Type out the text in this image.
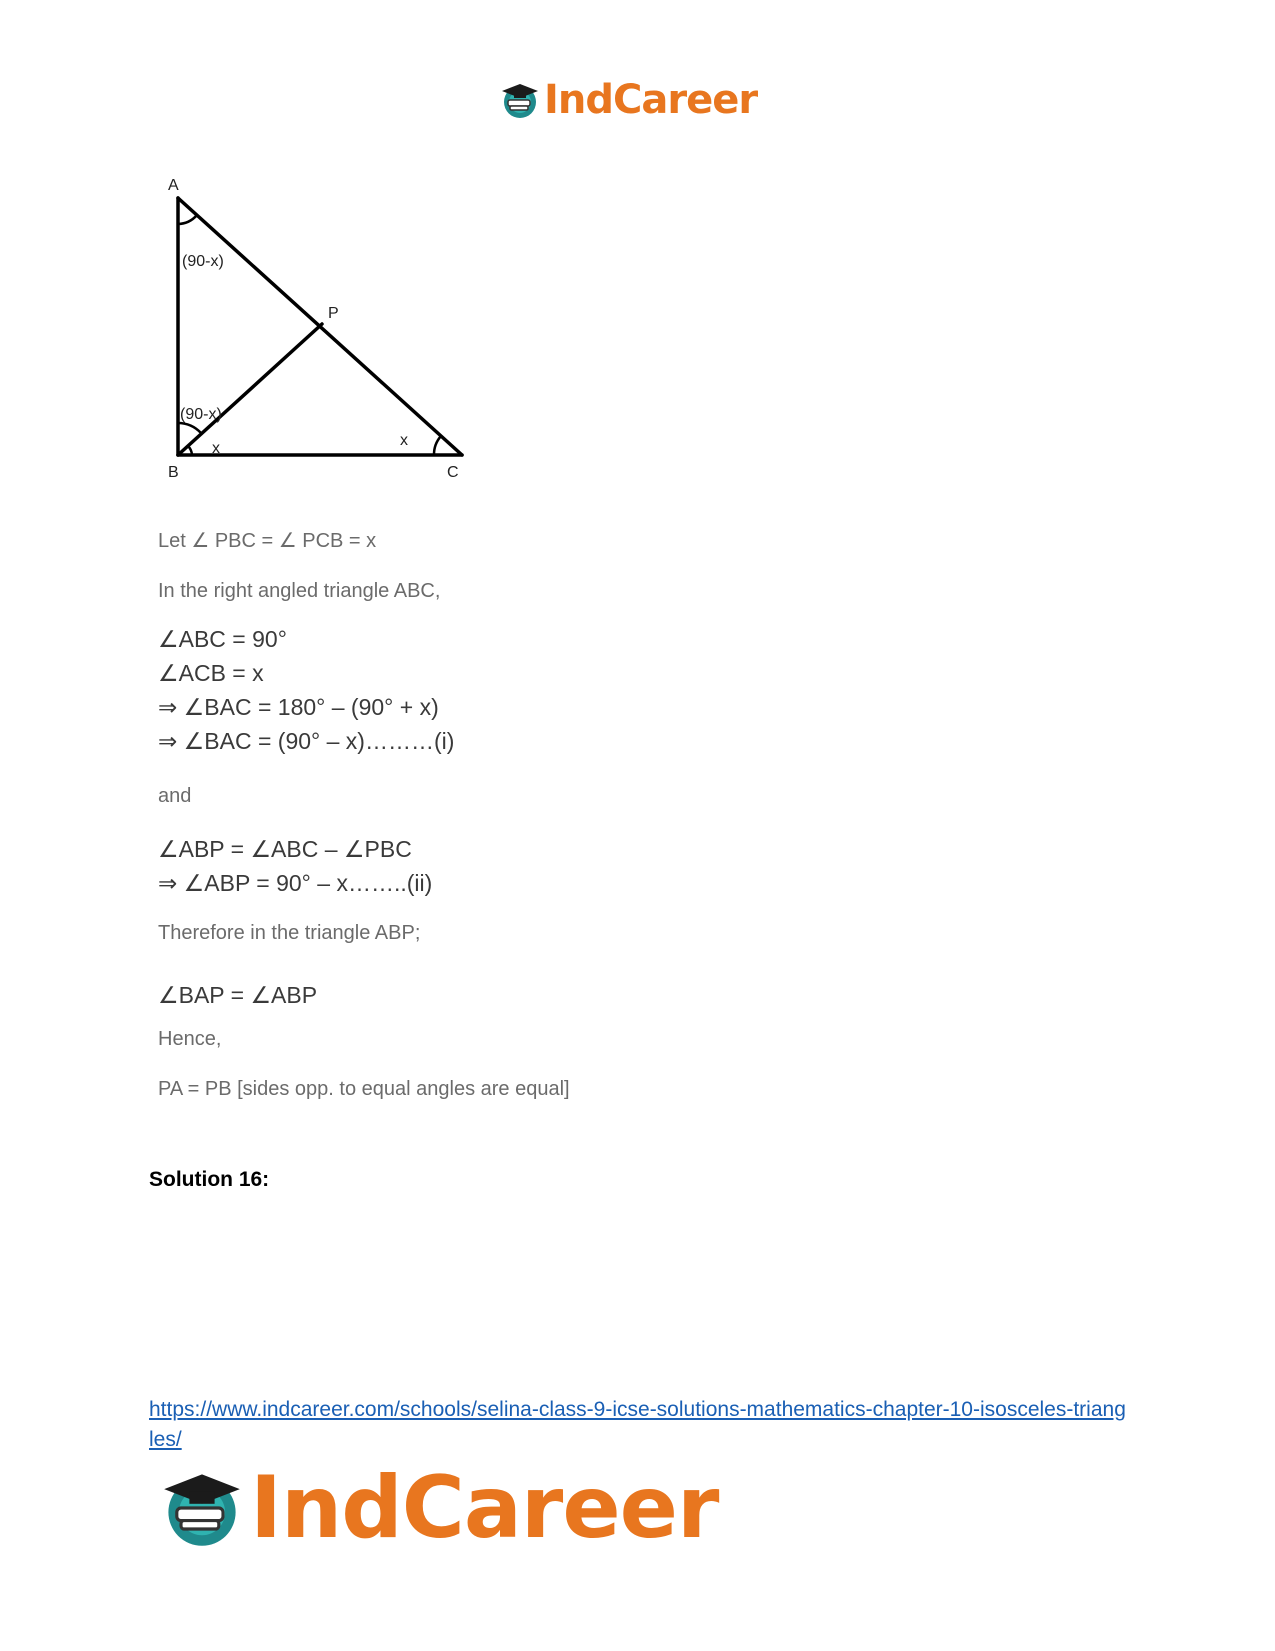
IndCareer
A
B	C
P
(90-x)
(90-x)
x	x

Let ∠ PBC = ∠ PCB = x

In the right angled triangle ABC,

∠ABC = 90°
∠ACB = x
⇒ ∠BAC = 180° – (90° + x)
⇒ ∠BAC = (90° – x)………(i)

and

∠ABP = ∠ABC – ∠PBC
⇒ ∠ABP = 90° – x……..(ii)

Therefore in the triangle ABP;

∠BAP = ∠ABP

Hence,

PA = PB [sides opp. to equal angles are equal]

Solution 16:
https://www.indcareer.com/schools/selina-class-9-icse-solutions-mathematics-chapter-10-isosceles-triangles/
IndCareer
